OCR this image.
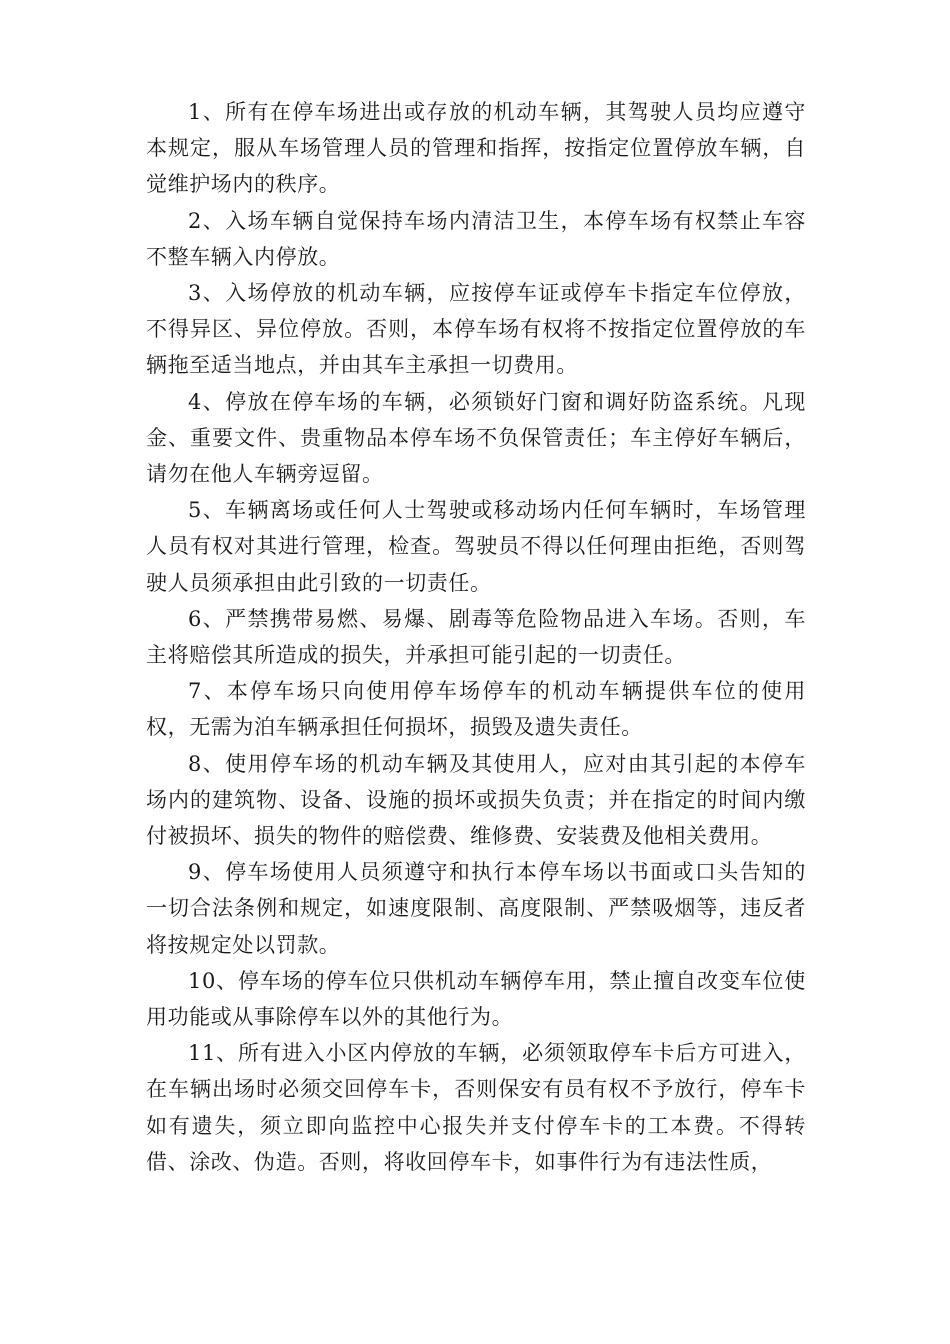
1、所有在停车场进出或存放的机动车辆，其驾驶人员均应遵守本规定，服从车场管理人员的管理和指挥，按指定位置停放车辆，自觉维护场内的秩序。

2、入场车辆自觉保持车场内清洁卫生，本停车场有权禁止车容不整车辆入内停放。

3、入场停放的机动车辆，应按停车证或停车卡指定车位停放，不得异区、异位停放。否则，本停车场有权将不按指定位置停放的车辆拖至适当地点，并由其车主承担一切费用。

4、停放在停车场的车辆，必须锁好门窗和调好防盗系统。凡现金、重要文件、贵重物品本停车场不负保管责任；车主停好车辆后，请勿在他人车辆旁逗留。

5、车辆离场或任何人士驾驶或移动场内任何车辆时，车场管理人员有权对其进行管理，检查。驾驶员不得以任何理由拒绝，否则驾驶人员须承担由此引致的一切责任。

6、严禁携带易燃、易爆、剧毒等危险物品进入车场。否则，车主将赔偿其所造成的损失，并承担可能引起的一切责任。

7、本停车场只向使用停车场停车的机动车辆提供车位的使用权，无需为泊车辆承担任何损坏，损毁及遗失责任。

8、使用停车场的机动车辆及其使用人，应对由其引起的本停车场内的建筑物、设备、设施的损坏或损失负责；并在指定的时间内缴付被损坏、损失的物件的赔偿费、维修费、安装费及他相关费用。

9、停车场使用人员须遵守和执行本停车场以书面或口头告知的一切合法条例和规定，如速度限制、高度限制、严禁吸烟等，违反者将按规定处以罚款。

10、停车场的停车位只供机动车辆停车用，禁止擅自改变车位使用功能或从事除停车以外的其他行为。

11、所有进入小区内停放的车辆，必须领取停车卡后方可进入，在车辆出场时必须交回停车卡，否则保安有员有权不予放行，停车卡如有遗失，须立即向监控中心报失并支付停车卡的工本费。不得转借、涂改、伪造。否则，将收回停车卡，如事件行为有违法性质，
